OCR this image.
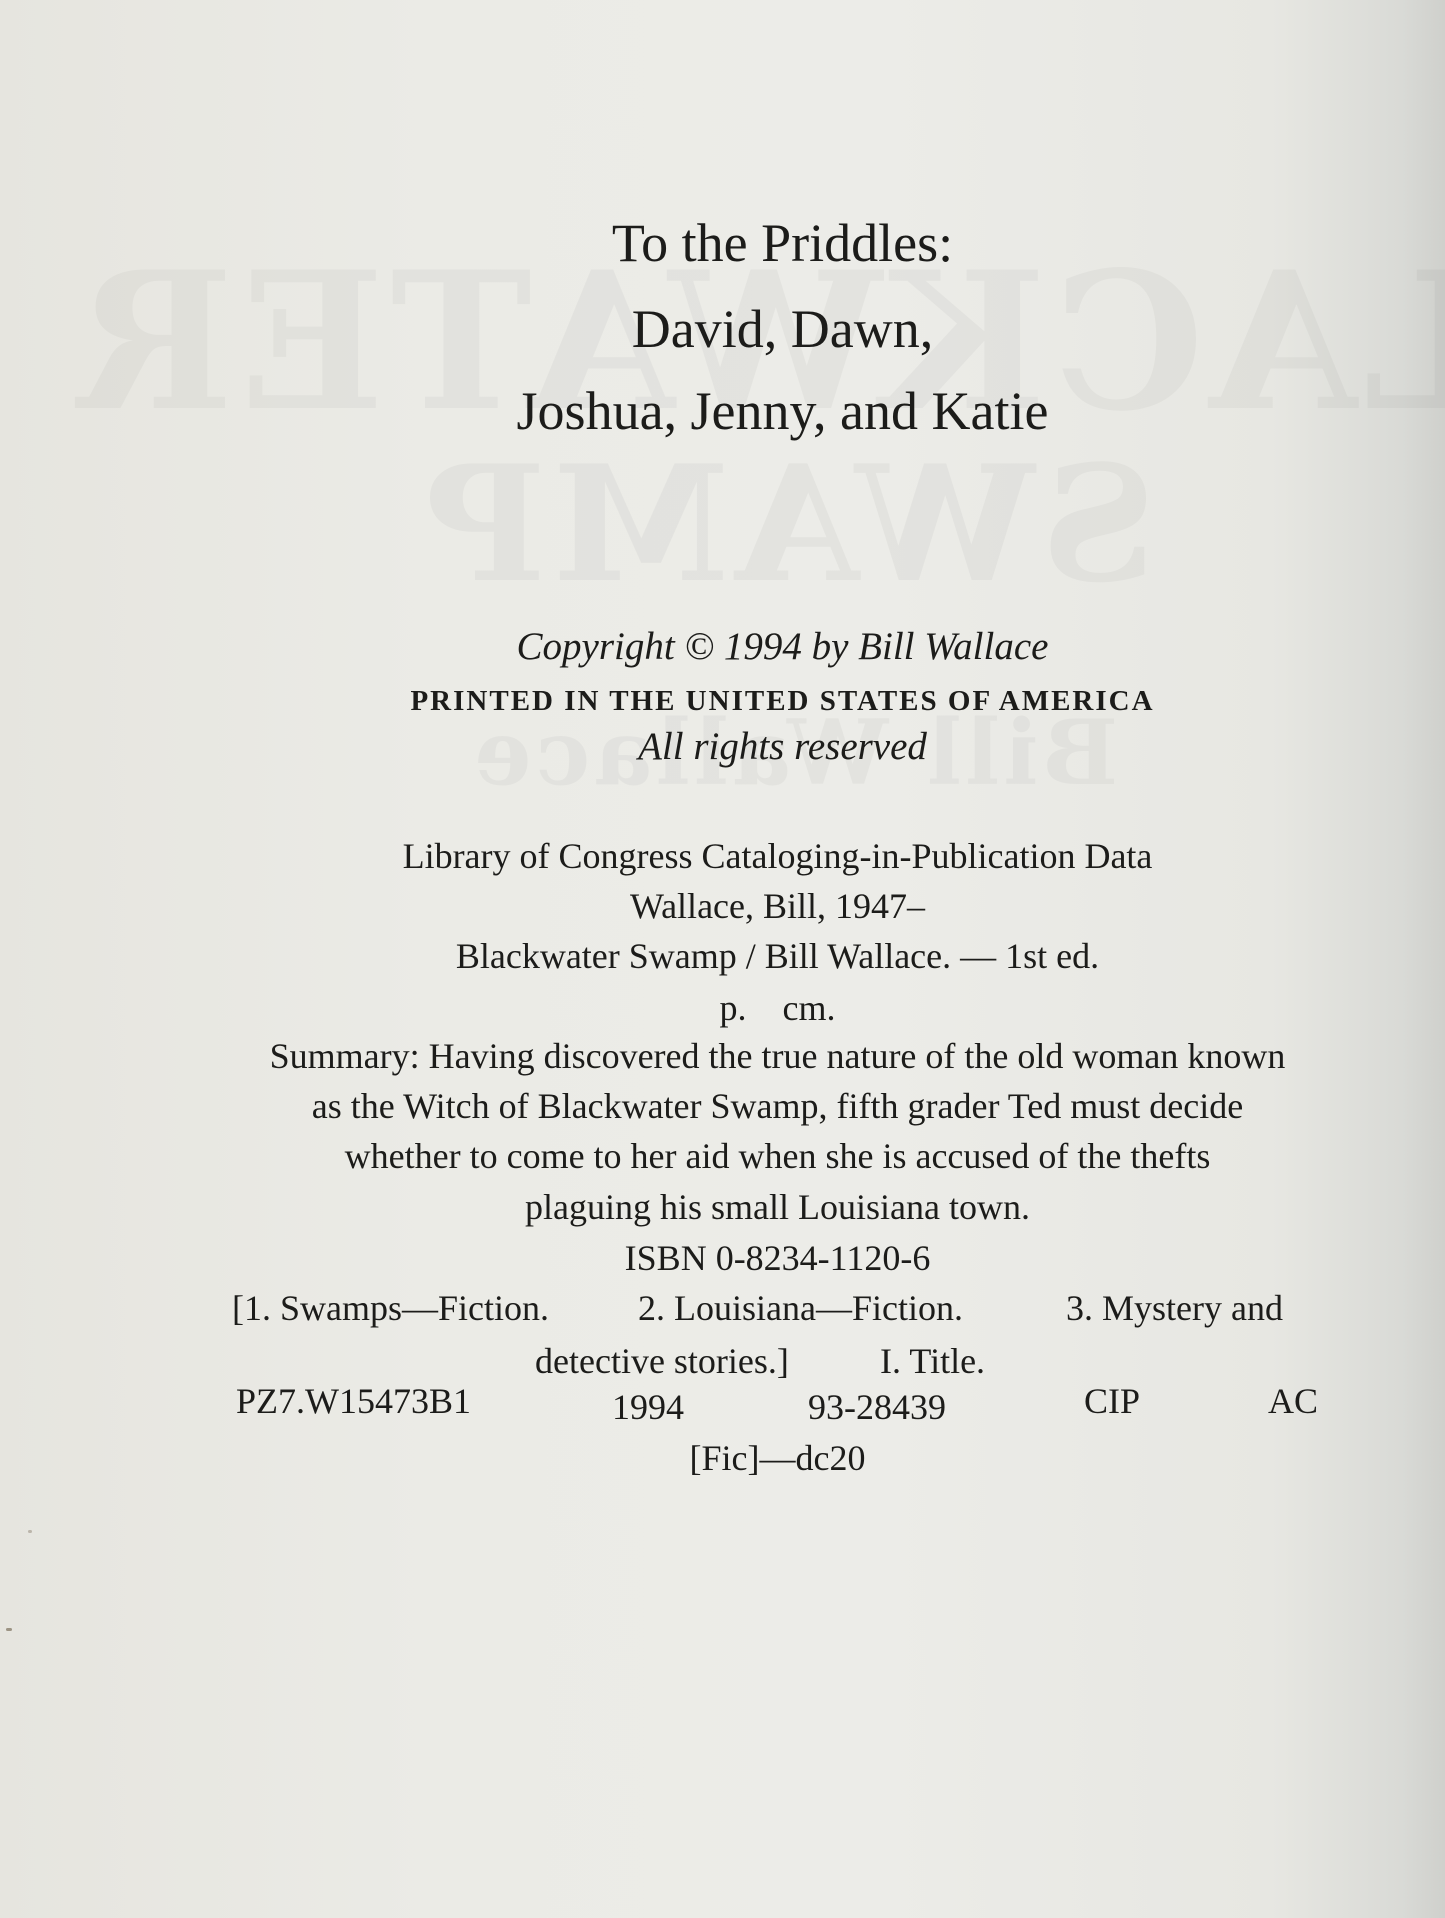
To the Priddles:
David, Dawn,
Joshua, Jenny, and Katie
Copyright © 1994 by Bill Wallace
PRINTED IN THE UNITED STATES OF AMERICA
All rights reserved
Library of Congress Cataloging-in-Publication Data
Wallace, Bill, 1947–
Blackwater Swamp / Bill Wallace. — 1st ed.
p.    cm.
Summary: Having discovered the true nature of the old woman known
as the Witch of Blackwater Swamp, fifth grader Ted must decide
whether to come to her aid when she is accused of the thefts
plaguing his small Louisiana town.
ISBN 0-8234-1120-6
[1. Swamps—Fiction. 2. Louisiana—Fiction.	3. Mystery and
detective stories.]	I. Title.
PZ7.W15473B1	1994	93-28439	CIP	AC
[Fic]—dc20
